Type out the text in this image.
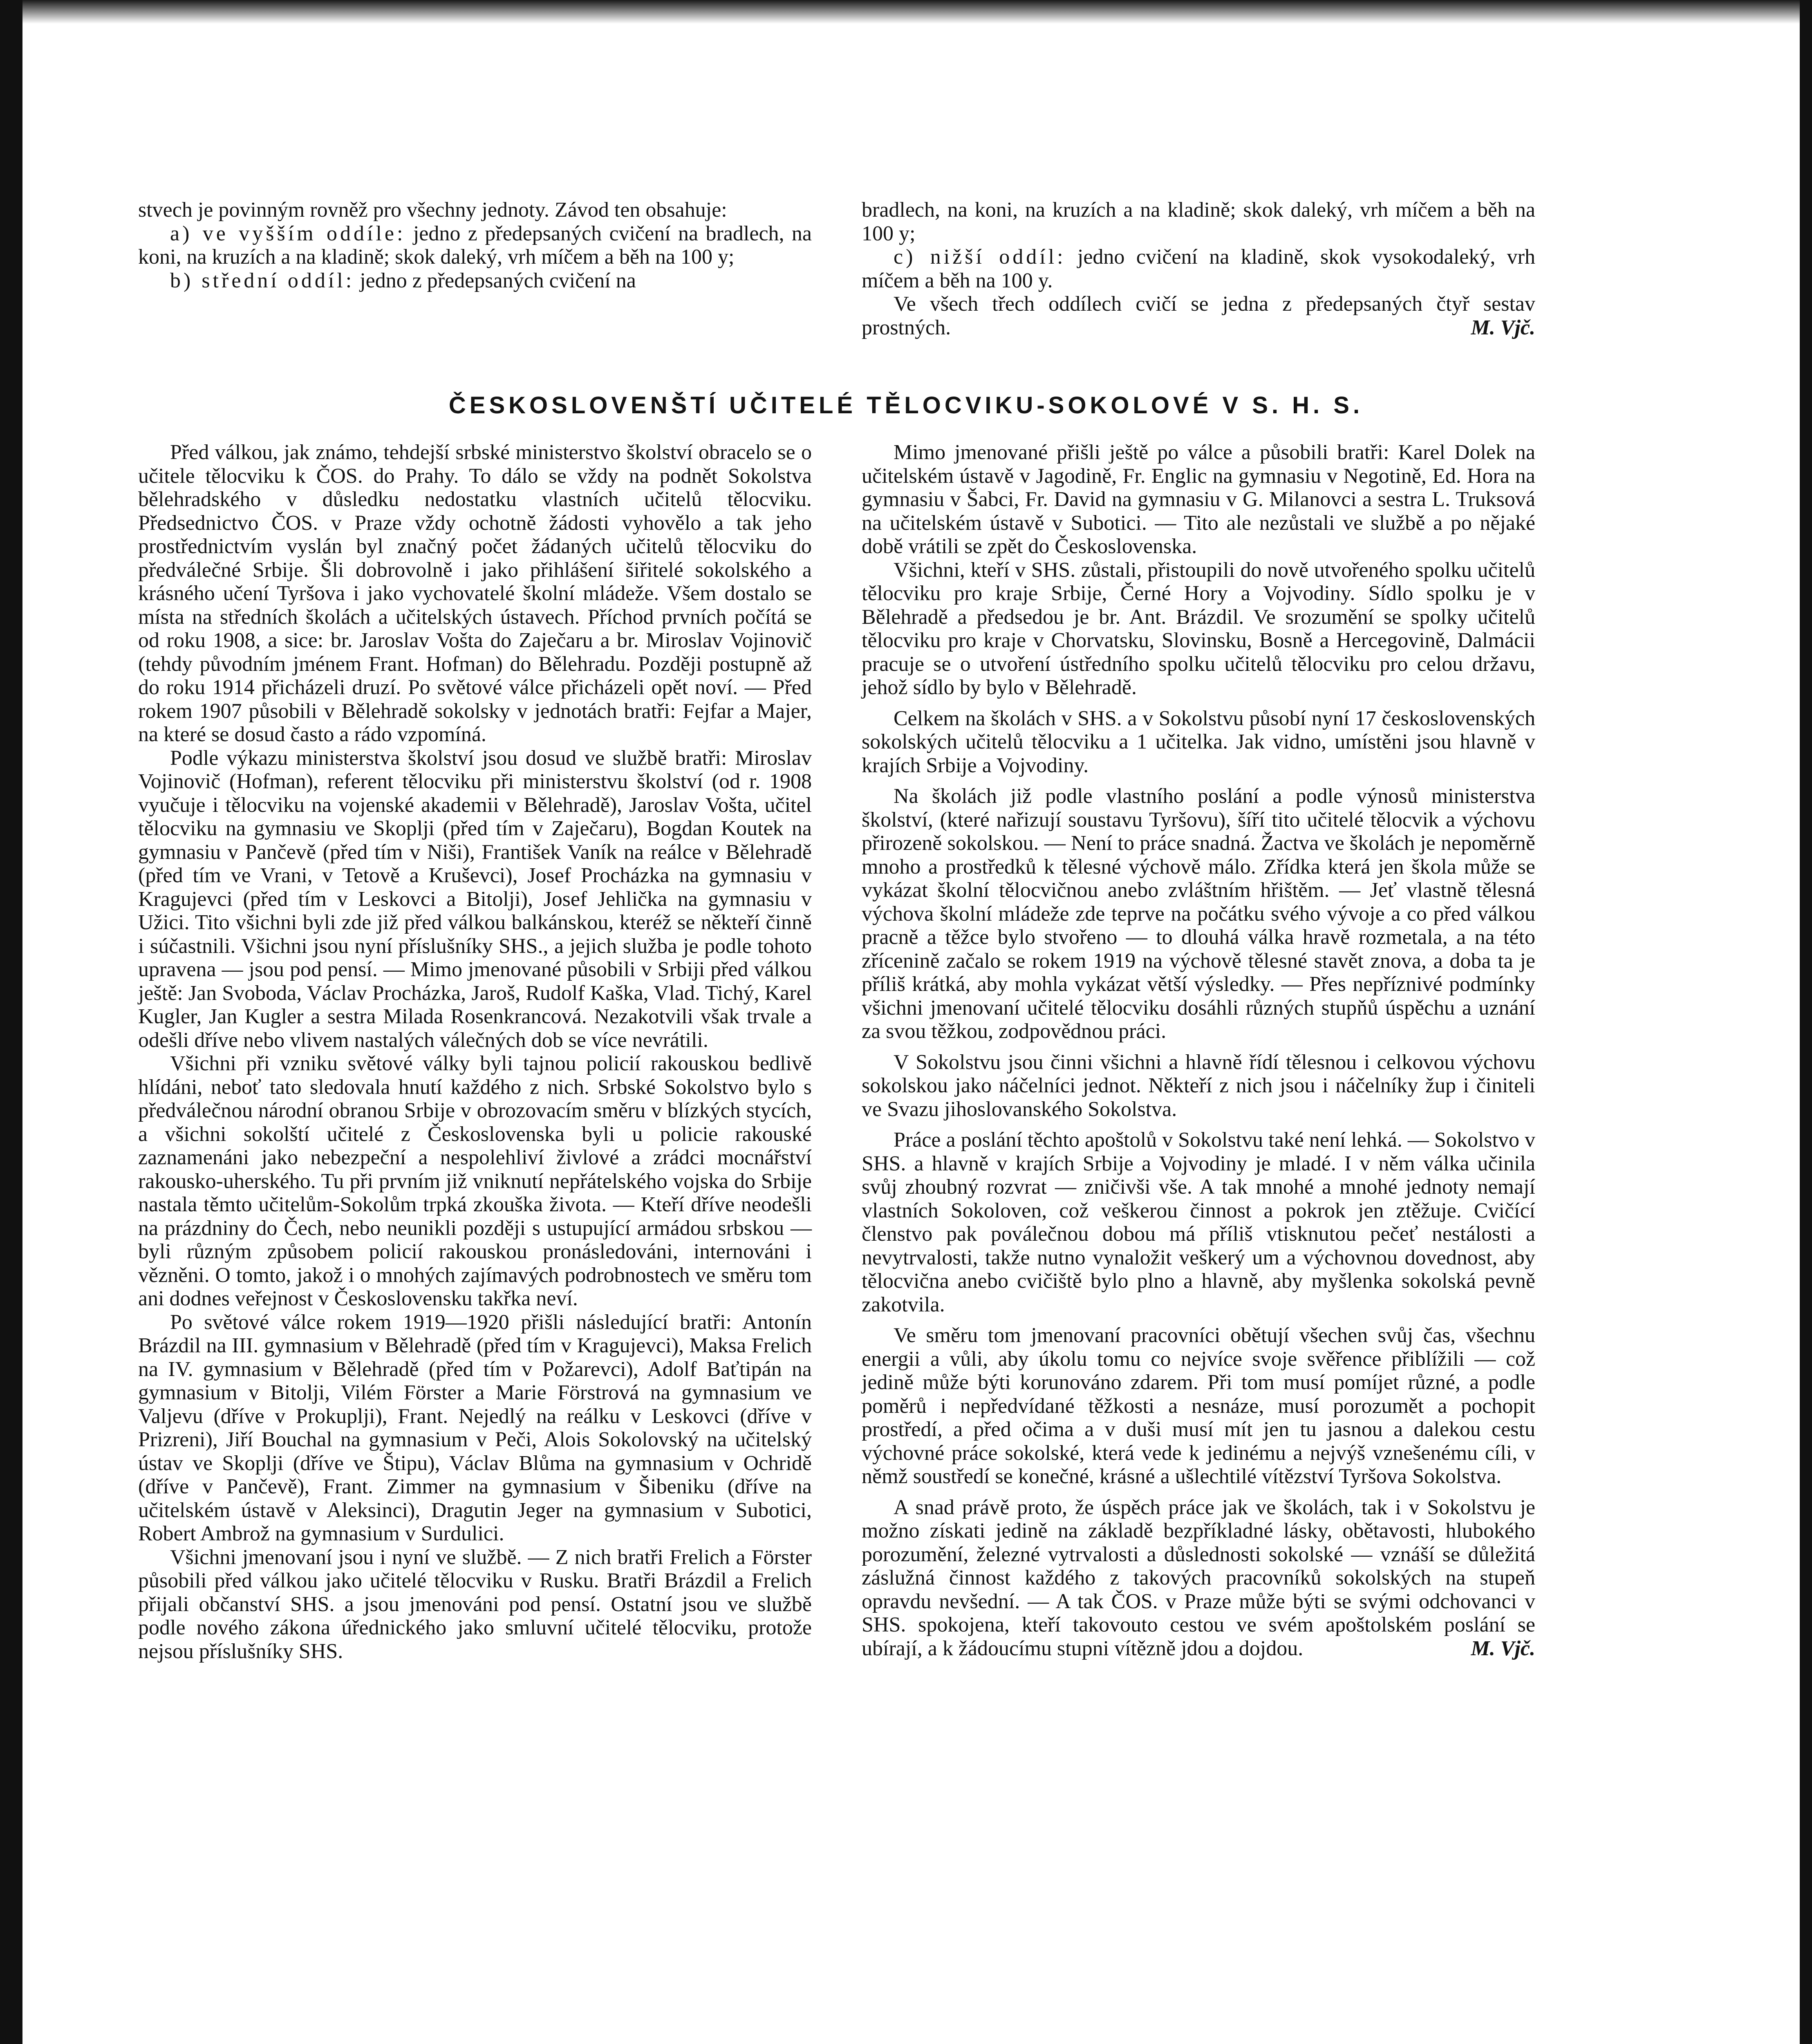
stvech je povinným rovněž pro všechny jednoty. Závod ten obsahuje:

a) ve vyšším oddíle: jedno z předepsaných cvičení na bradlech, na koni, na kruzích a na kladině; skok daleký, vrh míčem a běh na 100 y;

b) střední oddíl: jedno z předepsaných cvičení na

bradlech, na koni, na kruzích a na kladině; skok daleký, vrh míčem a běh na 100 y;

c) nižší oddíl: jedno cvičení na kladině, skok vysokodaleký, vrh míčem a běh na 100 y.

Ve všech třech oddílech cvičí se jedna z předepsaných čtyř sestav prostných.	M. Vjč.

ČESKOSLOVENŠTÍ UČITELÉ TĚLOCVIKU-SOKOLOVÉ V S. H. S.

Před válkou, jak známo, tehdejší srbské ministerstvo školství obracelo se o učitele tělocviku k ČOS. do Prahy. To dálo se vždy na podnět Sokolstva bělehradského v důsledku nedostatku vlastních učitelů tělocviku. Předsednictvo ČOS. v Praze vždy ochotně žádosti vyhovělo a tak jeho prostřednictvím vyslán byl značný počet žádaných učitelů tělocviku do předválečné Srbije. Šli dobrovolně i jako přihlášení šiřitelé sokolského a krásného učení Tyršova i jako vychovatelé školní mládeže. Všem dostalo se místa na středních školách a učitelských ústavech. Příchod prvních počítá se od roku 1908, a sice: br. Jaroslav Vošta do Zaječaru a br. Miroslav Vojinovič (tehdy původním jménem Frant. Hofman) do Bělehradu. Později postupně až do roku 1914 přicházeli druzí. Po světové válce přicházeli opět noví. — Před rokem 1907 působili v Bělehradě sokolsky v jednotách bratři: Fejfar a Majer, na které se dosud často a rádo vzpomíná.

Podle výkazu ministerstva školství jsou dosud ve službě bratři: Miroslav Vojinovič (Hofman), referent tělocviku při ministerstvu školství (od r. 1908 vyučuje i tělocviku na vojenské akademii v Bělehradě), Jaroslav Vošta, učitel tělocviku na gymnasiu ve Skoplji (před tím v Zaječaru), Bogdan Koutek na gymnasiu v Pančevě (před tím v Niši), František Vaník na reálce v Bělehradě (před tím ve Vrani, v Tetově a Kruševci), Josef Procházka na gymnasiu v Kragujevci (před tím v Leskovci a Bitolji), Josef Jehlička na gymnasiu v Užici. Tito všichni byli zde již před válkou balkánskou, kteréž se někteří činně i súčastnili. Všichni jsou nyní příslušníky SHS., a jejich služba je podle tohoto upravena — jsou pod pensí. — Mimo jmenované působili v Srbiji před válkou ještě: Jan Svoboda, Václav Procházka, Jaroš, Rudolf Kaška, Vlad. Tichý, Karel Kugler, Jan Kugler a sestra Milada Rosenkrancová. Nezakotvili však trvale a odešli dříve nebo vlivem nastalých válečných dob se více nevrátili.

Všichni při vzniku světové války byli tajnou policií rakouskou bedlivě hlídáni, neboť tato sledovala hnutí každého z nich. Srbské Sokolstvo bylo s předválečnou národní obranou Srbije v obrozovacím směru v blízkých stycích, a všichni sokolští učitelé z Československa byli u policie rakouské zaznamenáni jako nebezpeční a nespolehliví živlové a zrádci mocnářství rakousko-uherského. Tu při prvním již vniknutí nepřátelského vojska do Srbije nastala těmto učitelům-Sokolům trpká zkouška života. — Kteří dříve neodešli na prázdniny do Čech, nebo neunikli později s ustupující armádou srbskou — byli různým způsobem policií rakouskou pronásledováni, internováni i vězněni. O tomto, jakož i o mnohých zajímavých podrobnostech ve směru tom ani dodnes veřejnost v Československu takřka neví.

Po světové válce rokem 1919—1920 přišli následující bratři: Antonín Brázdil na III. gymnasium v Bělehradě (před tím v Kragujevci), Maksa Frelich na IV. gymnasium v Bělehradě (před tím v Požarevci), Adolf Baťtipán na gymnasium v Bitolji, Vilém Förster a Marie Förstrová na gymnasium ve Valjevu (dříve v Prokuplji), Frant. Nejedlý na reálku v Leskovci (dříve v Prizreni), Jiří Bouchal na gymnasium v Peči, Alois Sokolovský na učitelský ústav ve Skoplji (dříve ve Štipu), Václav Blůma na gymnasium v Ochridě (dříve v Pančevě), Frant. Zimmer na gymnasium v Šibeniku (dříve na učitelském ústavě v Aleksinci), Dragutin Jeger na gymnasium v Subotici, Robert Ambrož na gymnasium v Surdulici.

Všichni jmenovaní jsou i nyní ve službě. — Z nich bratři Frelich a Förster působili před válkou jako učitelé tělocviku v Rusku. Bratři Brázdil a Frelich přijali občanství SHS. a jsou jmenováni pod pensí. Ostatní jsou ve službě podle nového zákona úřednického jako smluvní učitelé tělocviku, protože nejsou příslušníky SHS.

Mimo jmenované přišli ještě po válce a působili bratři: Karel Dolek na učitelském ústavě v Jagodině, Fr. Englic na gymnasiu v Negotině, Ed. Hora na gymnasiu v Šabci, Fr. David na gymnasiu v G. Milanovci a sestra L. Truksová na učitelském ústavě v Subotici. — Tito ale nezůstali ve službě a po nějaké době vrátili se zpět do Československa.

Všichni, kteří v SHS. zůstali, přistoupili do nově utvořeného spolku učitelů tělocviku pro kraje Srbije, Černé Hory a Vojvodiny. Sídlo spolku je v Bělehradě a předsedou je br. Ant. Brázdil. Ve srozumění se spolky učitelů tělocviku pro kraje v Chorvatsku, Slovinsku, Bosně a Hercegovině, Dalmácii pracuje se o utvoření ústředního spolku učitelů tělocviku pro celou državu, jehož sídlo by bylo v Bělehradě.

Celkem na školách v SHS. a v Sokolstvu působí nyní 17 československých sokolských učitelů tělocviku a 1 učitelka. Jak vidno, umístěni jsou hlavně v krajích Srbije a Vojvodiny.

Na školách již podle vlastního poslání a podle výnosů ministerstva školství, (které nařizují soustavu Tyršovu), šíří tito učitelé tělocvik a výchovu přirozeně sokolskou. — Není to práce snadná. Žactva ve školách je nepoměrně mnoho a prostředků k tělesné výchově málo. Zřídka která jen škola může se vykázat školní tělocvičnou anebo zvláštním hřištěm. — Jeť vlastně tělesná výchova školní mládeže zde teprve na počátku svého vývoje a co před válkou pracně a těžce bylo stvořeno — to dlouhá válka hravě rozmetala, a na této zřícenině začalo se rokem 1919 na výchově tělesné stavět znova, a doba ta je příliš krátká, aby mohla vykázat větší výsledky. — Přes nepříznivé podmínky všichni jmenovaní učitelé tělocviku dosáhli různých stupňů úspěchu a uznání za svou těžkou, zodpovědnou práci.

V Sokolstvu jsou činni všichni a hlavně řídí tělesnou i celkovou výchovu sokolskou jako náčelníci jednot. Někteří z nich jsou i náčelníky žup i činiteli ve Svazu jihoslovanského Sokolstva.

Práce a poslání těchto apoštolů v Sokolstvu také není lehká. — Sokolstvo v SHS. a hlavně v krajích Srbije a Vojvodiny je mladé. I v něm válka učinila svůj zhoubný rozvrat — zničivši vše. A tak mnohé a mnohé jednoty nemají vlastních Sokoloven, což veškerou činnost a pokrok jen ztěžuje. Cvičící členstvo pak poválečnou dobou má příliš vtisknutou pečeť nestálosti a nevytrvalosti, takže nutno vynaložit veškerý um a výchovnou dovednost, aby tělocvična anebo cvičiště bylo plno a hlavně, aby myšlenka sokolská pevně zakotvila.

Ve směru tom jmenovaní pracovníci obětují všechen svůj čas, všechnu energii a vůli, aby úkolu tomu co nejvíce svoje svěřence přiblížili — což jedině může býti korunováno zdarem. Při tom musí pomíjet různé, a podle poměrů i nepředvídané těžkosti a nesnáze, musí porozumět a pochopit prostředí, a před očima a v duši musí mít jen tu jasnou a dalekou cestu výchovné práce sokolské, která vede k jedinému a nejvýš vznešenému cíli, v němž soustředí se konečné, krásné a ušlechtilé vítězství Tyršova Sokolstva.

A snad právě proto, že úspěch práce jak ve školách, tak i v Sokolstvu je možno získati jedině na základě bezpříkladné lásky, obětavosti, hlubokého porozumění, železné vytrvalosti a důslednosti sokolské — vznáší se důležitá záslužná činnost každého z takových pracovníků sokolských na stupeň opravdu nevšední. — A tak ČOS. v Praze může býti se svými odchovanci v SHS. spokojena, kteří takovouto cestou ve svém apoštolském poslání se ubírají, a k žádoucímu stupni vítězně jdou a dojdou.	M. Vjč.
